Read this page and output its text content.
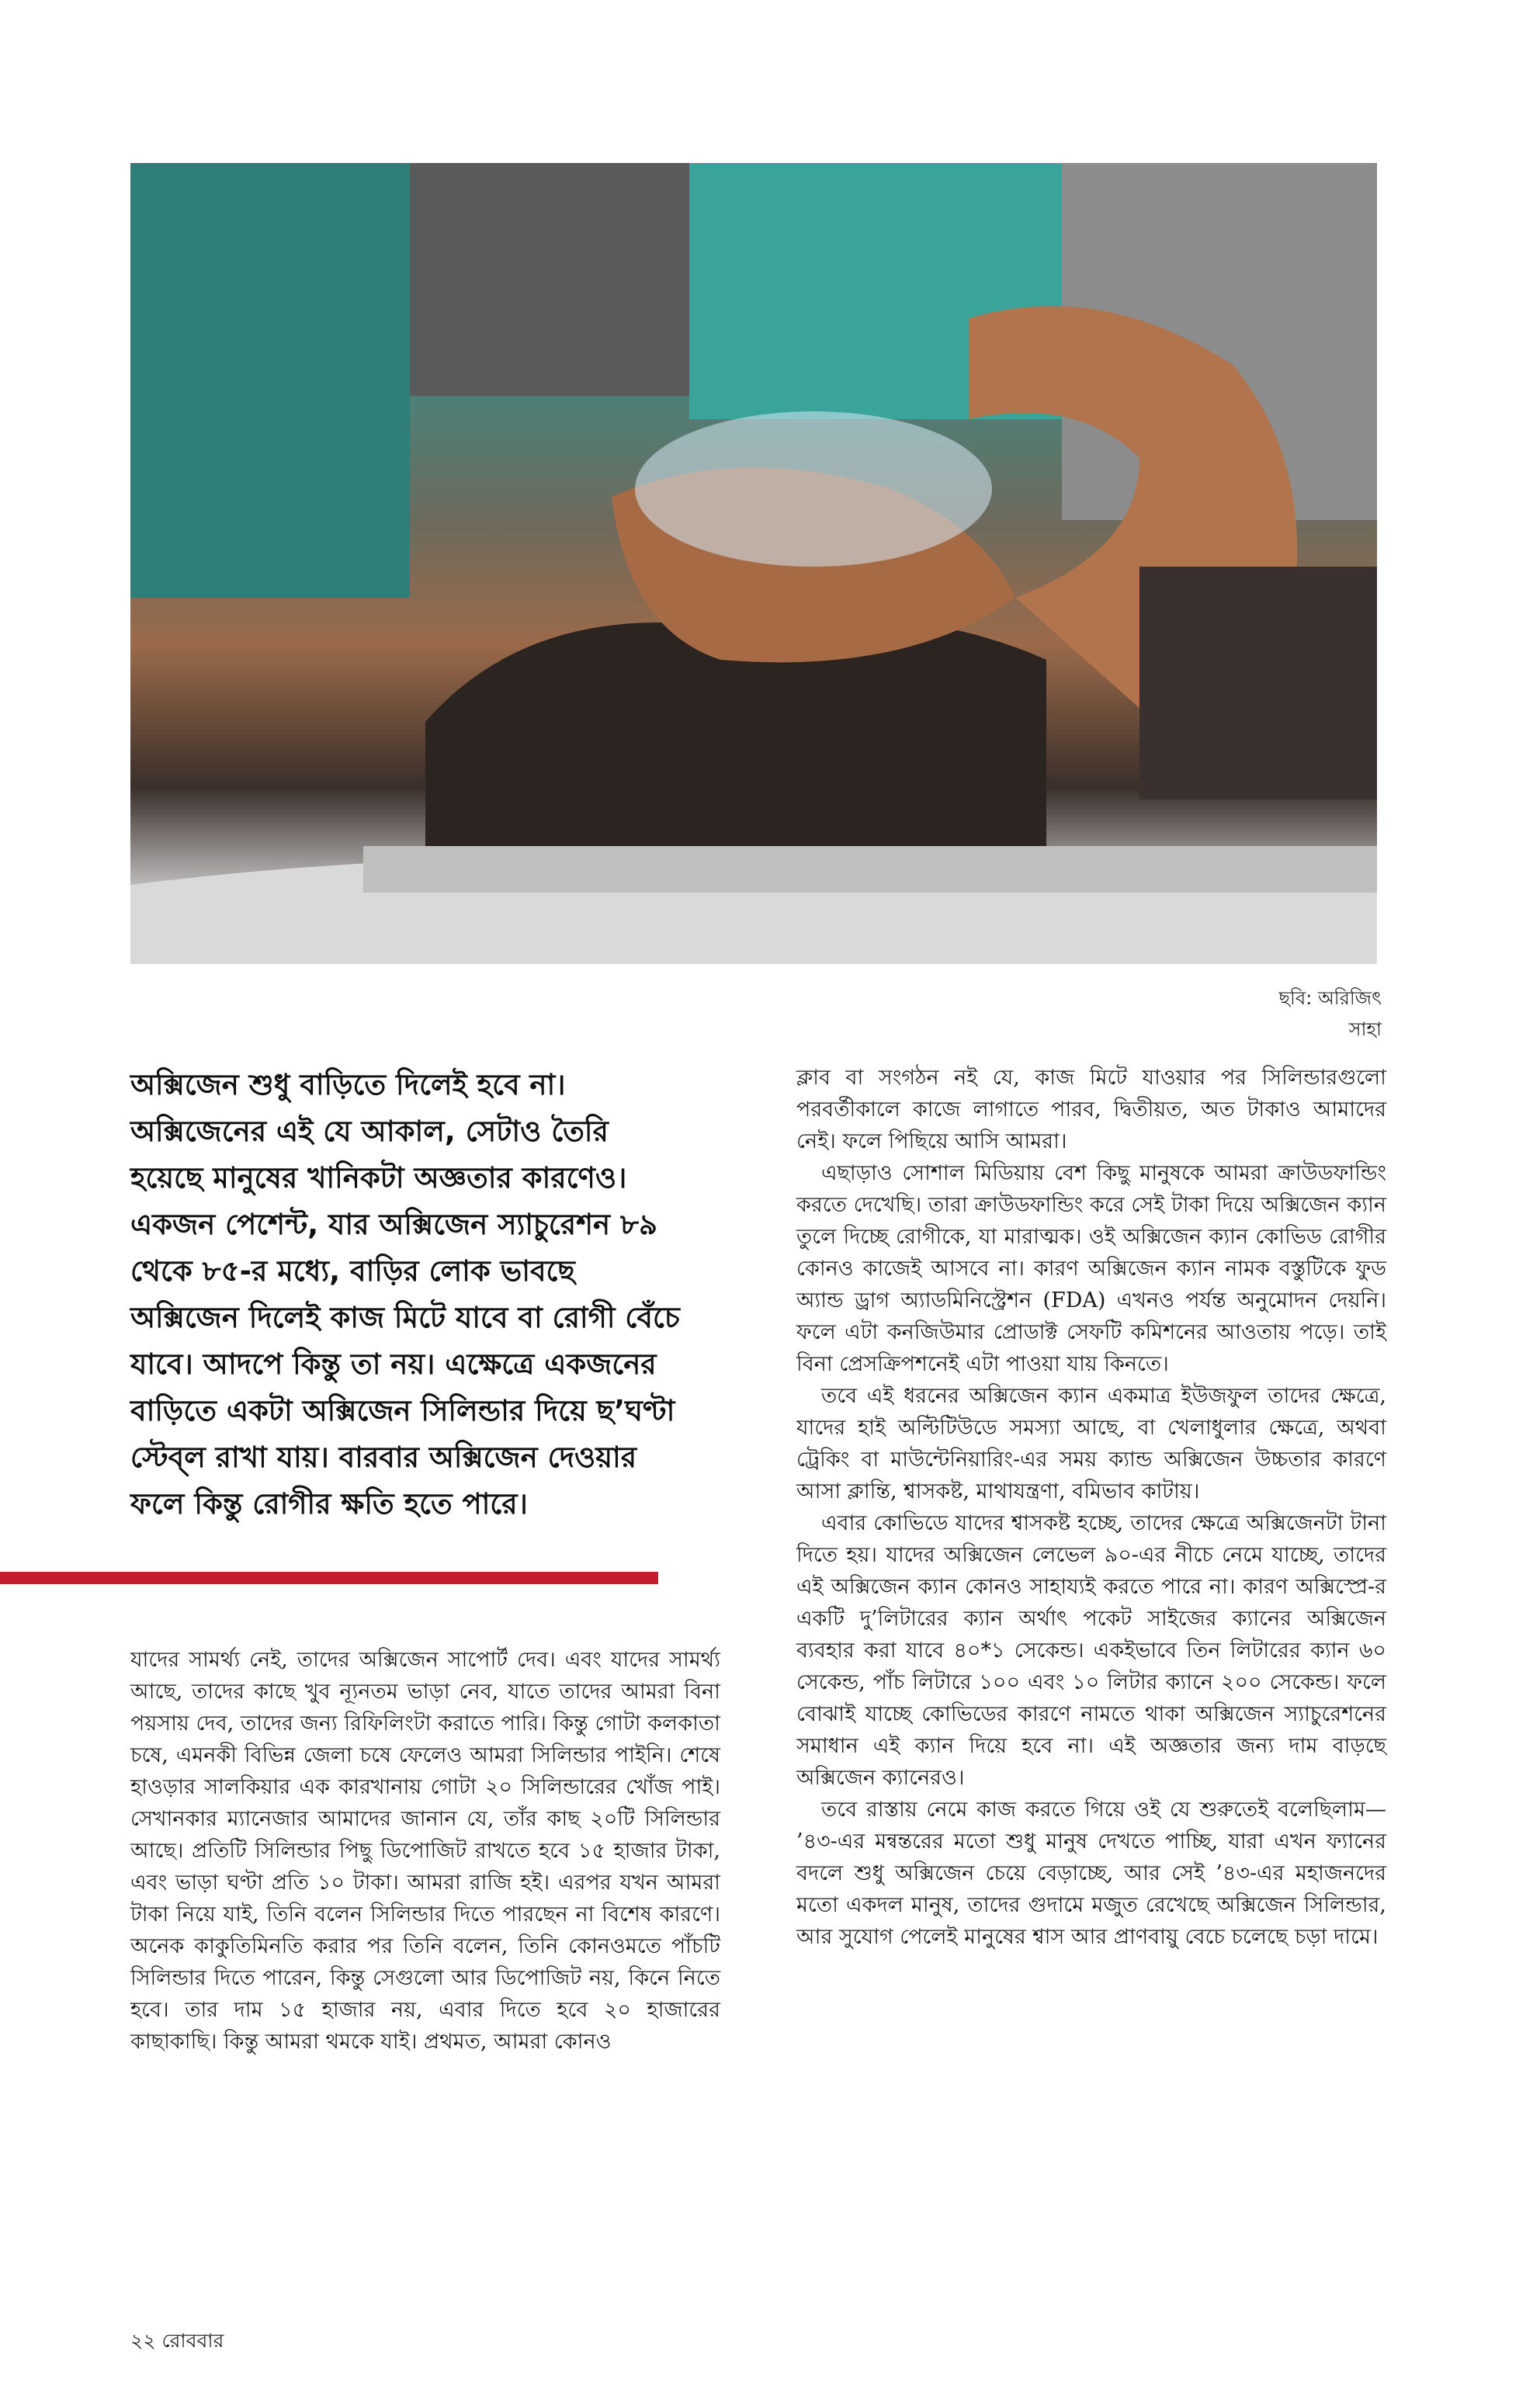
ছবি: অরিজিৎ সাহা

অক্সিজেন শুধু বাড়িতে দিলেই হবে না। অক্সিজেনের এই যে আকাল, সেটাও তৈরি হয়েছে মানুষের খানিকটা অজ্ঞতার কারণেও। একজন পেশেন্ট, যার অক্সিজেন স্যাচুরেশন ৮৯ থেকে ৮৫-র মধ্যে, বাড়ির লোক ভাবছে অক্সিজেন দিলেই কাজ মিটে যাবে বা রোগী বেঁচে যাবে। আদপে কিন্তু তা নয়। এক্ষেত্রে একজনের বাড়িতে একটা অক্সিজেন সিলিন্ডার দিয়ে ছ’ঘণ্টা স্টেব্‌ল রাখা যায়। বারবার অক্সিজেন দেওয়ার ফলে কিন্তু রোগীর ক্ষতি হতে পারে।

যাদের সামর্থ্য নেই, তাদের অক্সিজেন সাপোর্ট দেব। এবং যাদের সামর্থ্য আছে, তাদের কাছে খুব ন্যূনতম ভাড়া নেব, যাতে তাদের আমরা বিনা পয়সায় দেব, তাদের জন্য রিফিলিংটা করাতে পারি। কিন্তু গোটা কলকাতা চষে, এমনকী বিভিন্ন জেলা চষে ফেলেও আমরা সিলিন্ডার পাইনি। শেষে হাওড়ার সালকিয়ার এক কারখানায় গোটা ২০ সিলিন্ডারের খোঁজ পাই। সেখানকার ম্যানেজার আমাদের জানান যে, তাঁর কাছ ২০টি সিলিন্ডার আছে। প্রতিটি সিলিন্ডার পিছু ডিপোজিট রাখতে হবে ১৫ হাজার টাকা, এবং ভাড়া ঘণ্টা প্রতি ১০ টাকা। আমরা রাজি হই। এরপর যখন আমরা টাকা নিয়ে যাই, তিনি বলেন সিলিন্ডার দিতে পারছেন না বিশেষ কারণে। অনেক কাকুতিমিনতি করার পর তিনি বলেন, তিনি কোনওমতে পাঁচটি সিলিন্ডার দিতে পারেন, কিন্তু সেগুলো আর ডিপোজিট নয়, কিনে নিতে হবে। তার দাম ১৫ হাজার নয়, এবার দিতে হবে ২০ হাজারের কাছাকাছি। কিন্তু আমরা থমকে যাই। প্রথমত, আমরা কোনও

ক্লাব বা সংগঠন নই যে, কাজ মিটে যাওয়ার পর সিলিন্ডারগুলো পরবর্তীকালে কাজে লাগাতে পারব, দ্বিতীয়ত, অত টাকাও আমাদের নেই। ফলে পিছিয়ে আসি আমরা।

এছাড়াও সোশাল মিডিয়ায় বেশ কিছু মানুষকে আমরা ক্রাউডফান্ডিং করতে দেখেছি। তারা ক্রাউডফান্ডিং করে সেই টাকা দিয়ে অক্সিজেন ক্যান তুলে দিচ্ছে রোগীকে, যা মারাত্মক। ওই অক্সিজেন ক্যান কোভিড রোগীর কোনও কাজেই আসবে না। কারণ অক্সিজেন ক্যান নামক বস্তুটিকে ফুড অ্যান্ড ড্রাগ অ্যাডমিনিস্ট্রেশন (FDA) এখনও পর্যন্ত অনুমোদন দেয়নি। ফলে এটা কনজিউমার প্রোডাক্ট সেফটি কমিশনের আওতায় পড়ে। তাই বিনা প্রেসক্রিপশনেই এটা পাওয়া যায় কিনতে।

তবে এই ধরনের অক্সিজেন ক্যান একমাত্র ইউজফুল তাদের ক্ষেত্রে, যাদের হাই অল্টিটিউডে সমস্যা আছে, বা খেলাধুলার ক্ষেত্রে, অথবা ট্রেকিং বা মাউন্টেনিয়ারিং-এর সময় ক্যান্ড অক্সিজেন উচ্চতার কারণে আসা ক্লান্তি, শ্বাসকষ্ট, মাথাযন্ত্রণা, বমিভাব কাটায়।

এবার কোভিডে যাদের শ্বাসকষ্ট হচ্ছে, তাদের ক্ষেত্রে অক্সিজেনটা টানা দিতে হয়। যাদের অক্সিজেন লেভেল ৯০-এর নীচে নেমে যাচ্ছে, তাদের এই অক্সিজেন ক্যান কোনও সাহায্যই করতে পারে না। কারণ অক্সিস্প্রে-র একটি দু’লিটারের ক্যান অর্থাৎ পকেট সাইজের ক্যানের অক্সিজেন ব্যবহার করা যাবে ৪০*১ সেকেন্ড। একইভাবে তিন লিটারের ক্যান ৬০ সেকেন্ড, পাঁচ লিটারে ১০০ এবং ১০ লিটার ক্যানে ২০০ সেকেন্ড। ফলে বোঝাই যাচ্ছে কোভিডের কারণে নামতে থাকা অক্সিজেন স্যাচুরেশনের সমাধান এই ক্যান দিয়ে হবে না। এই অজ্ঞতার জন্য দাম বাড়ছে অক্সিজেন ক্যানেরও।

তবে রাস্তায় নেমে কাজ করতে গিয়ে ওই যে শুরুতেই বলেছিলাম— ’৪৩-এর মন্বন্তরের মতো শুধু মানুষ দেখতে পাচ্ছি, যারা এখন ফ্যানের বদলে শুধু অক্সিজেন চেয়ে বেড়াচ্ছে, আর সেই ’৪৩-এর মহাজনদের মতো একদল মানুষ, তাদের গুদামে মজুত রেখেছে অক্সিজেন সিলিন্ডার, আর সুযোগ পেলেই মানুষের শ্বাস আর প্রাণবায়ু বেচে চলেছে চড়া দামে।

২২ রোববার
